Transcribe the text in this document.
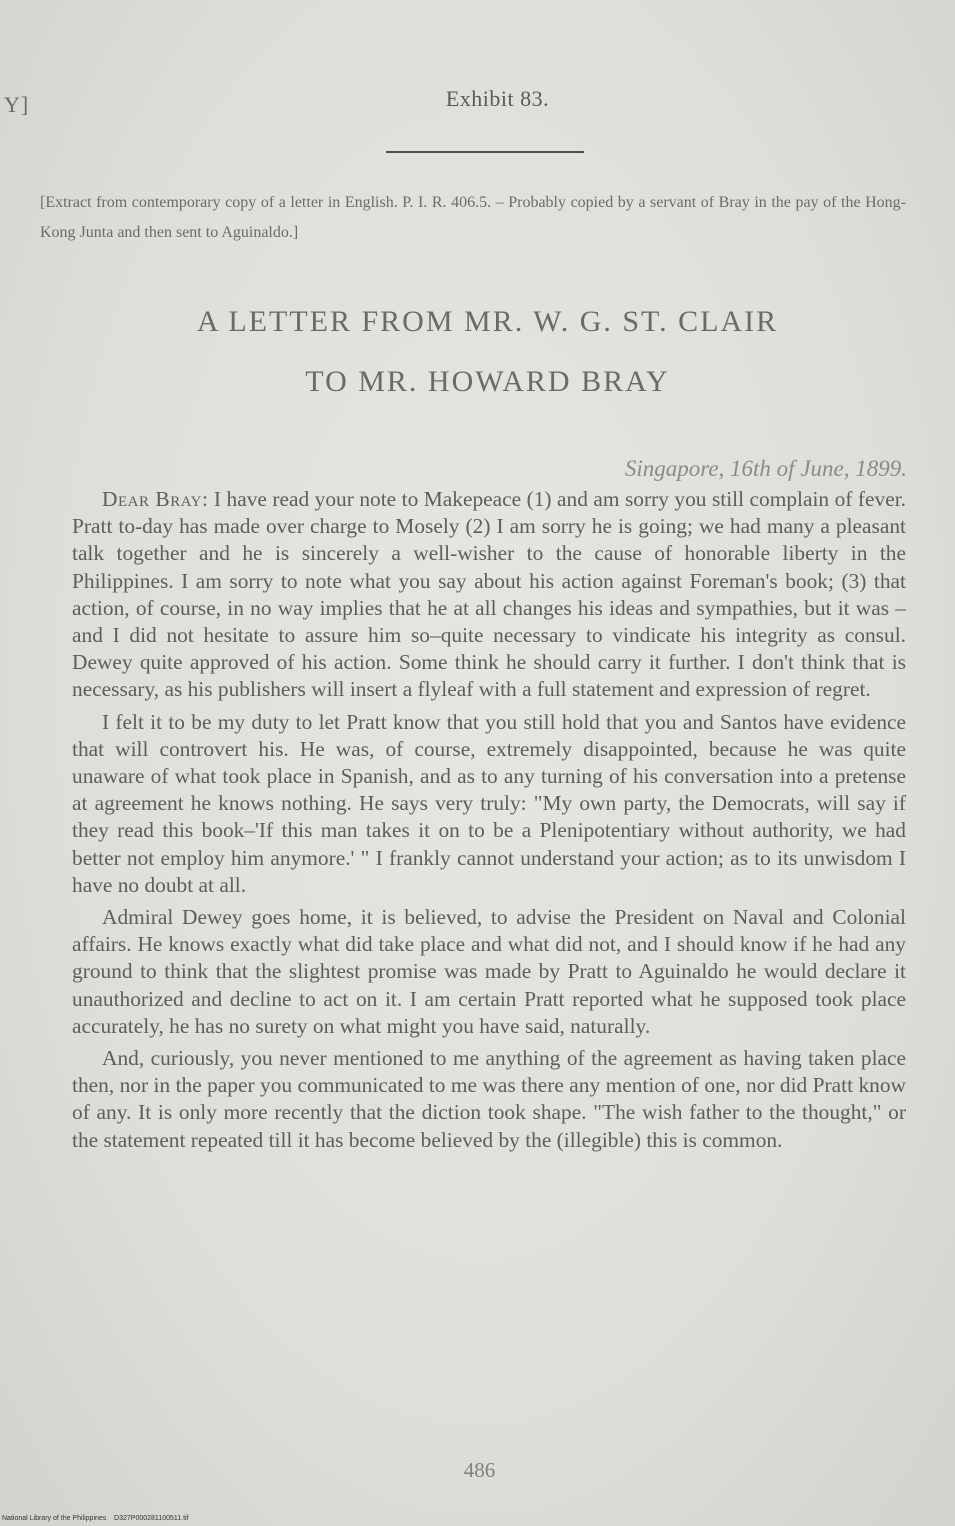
Y]	Exhibit 83.
[Extract from contemporary copy of a letter in English. P. I. R. 406.5. – Probably copied by a servant of Bray in the pay of the Hong-Kong Junta and then sent to Aguinaldo.]
A LETTER FROM MR. W. G. ST. CLAIR
TO MR. HOWARD BRAY
Singapore, 16th of June, 1899.

Dear Bray: I have read your note to Makepeace (1) and am sorry you still complain of fever. Pratt to-day has made over charge to Mosely (2) I am sorry he is going; we had many a pleasant talk together and he is sincerely a well-wisher to the cause of honorable liberty in the Philippines. I am sorry to note what you say about his action against Foreman's book; (3) that action, of course, in no way implies that he at all changes his ideas and sympathies, but it was – and I did not hesitate to assure him so–quite necessary to vindicate his integrity as consul. Dewey quite approved of his action. Some think he should carry it further. I don't think that is necessary, as his publishers will insert a flyleaf with a full statement and expression of regret.

I felt it to be my duty to let Pratt know that you still hold that you and Santos have evidence that will controvert his. He was, of course, extremely disappointed, because he was quite unaware of what took place in Spanish, and as to any turning of his conversation into a pretense at agreement he knows nothing. He says very truly: "My own party, the Democrats, will say if they read this book–'If this man takes it on to be a Plenipotentiary without authority, we had better not employ him anymore.' " I frankly cannot understand your action; as to its unwisdom I have no doubt at all.

Admiral Dewey goes home, it is believed, to advise the President on Naval and Colonial affairs. He knows exactly what did take place and what did not, and I should know if he had any ground to think that the slightest promise was made by Pratt to Aguinaldo he would declare it unauthorized and decline to act on it. I am certain Pratt reported what he supposed took place accurately, he has no surety on what might you have said, naturally.

And, curiously, you never mentioned to me anything of the agreement as having taken place then, nor in the paper you communicated to me was there any mention of one, nor did Pratt know of any. It is only more recently that the diction took shape. "The wish father to the thought," or the statement repeated till it has become believed by the (illegible) this is common.

486
National Library of the Philippines    D327P000281100511.tif
